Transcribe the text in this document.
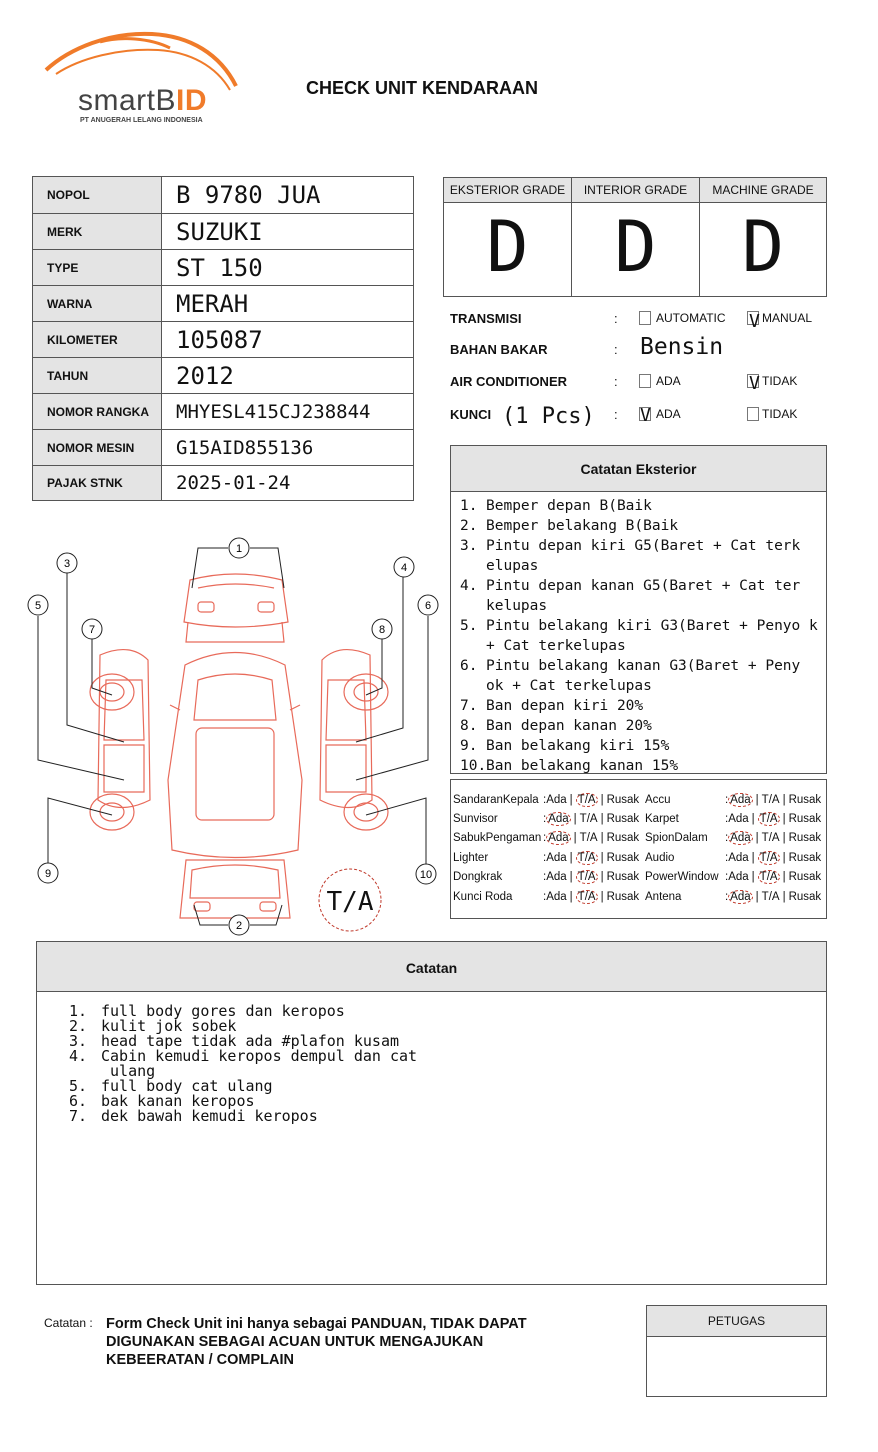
smartBID
PT ANUGERAH LELANG INDONESIA
CHECK UNIT KENDARAAN
NOPOL	B 9780 JUA
MERK	SUZUKI
TYPE	ST 150
WARNA	MERAH
KILOMETER	105087
TAHUN	2012
NOMOR RANGKA	MHYESL415CJ238844
NOMOR MESIN	G15AID855136
PAJAK STNK	2025-01-24
EKSTERIOR GRADE
D
INTERIOR GRADE
D
MACHINE GRADE
D
TRANSMISI	:	AUTOMATIC V MANUAL
BAHAN BAKAR	: Bensin
AIR CONDITIONER	:	ADA	V TIDAK
KUNCI (1 Pcs) : V ADA	TIDAK
Catatan Eksterior
1. Bemper depan B(Baik
2. Bemper belakang B(Baik
3. Pintu depan kiri G5(Baret + Cat terk elupas
4. Pintu depan kanan G5(Baret + Cat ter kelupas
5. Pintu belakang kiri G3(Baret + Penyo k + Cat terkelupas
6. Pintu belakang kanan G3(Baret + Peny ok + Cat terkelupas
7. Ban depan kiri 20%
8. Ban depan kanan 20%
9. Ban belakang kiri 15%
10. Ban belakang kanan 15%
SandaranKepala : Ada | T/A | Rusak
Sunvisor	: Ada | T/A | Rusak
SabukPengaman : Ada | T/A | Rusak
Lighter	: Ada | T/A | Rusak
Dongkrak	: Ada | T/A | Rusak
Kunci Roda	: Ada | T/A | Rusak
Accu	: Ada | T/A | Rusak
Karpet	: Ada | T/A | Rusak
SpionDalam	: Ada | T/A | Rusak
Audio	: Ada | T/A | Rusak
PowerWindow : Ada | T/A | Rusak
Antena	: Ada | T/A | Rusak
1
2
3	4
5	6
7	8
9	10
T/A
Catatan
1. full body gores dan keropos
2. kulit jok sobek
3. head tape tidak ada #plafon kusam
4. Cabin kemudi keropos dempul dan cat
ulang
5. full body cat ulang
6. bak kanan keropos
7. dek bawah kemudi keropos
Catatan : Form Check Unit ini hanya sebagai PANDUAN, TIDAK DAPAT DIGUNAKAN SEBAGAI ACUAN UNTUK MENGAJUKAN KEBEERATAN / COMPLAIN
PETUGAS
